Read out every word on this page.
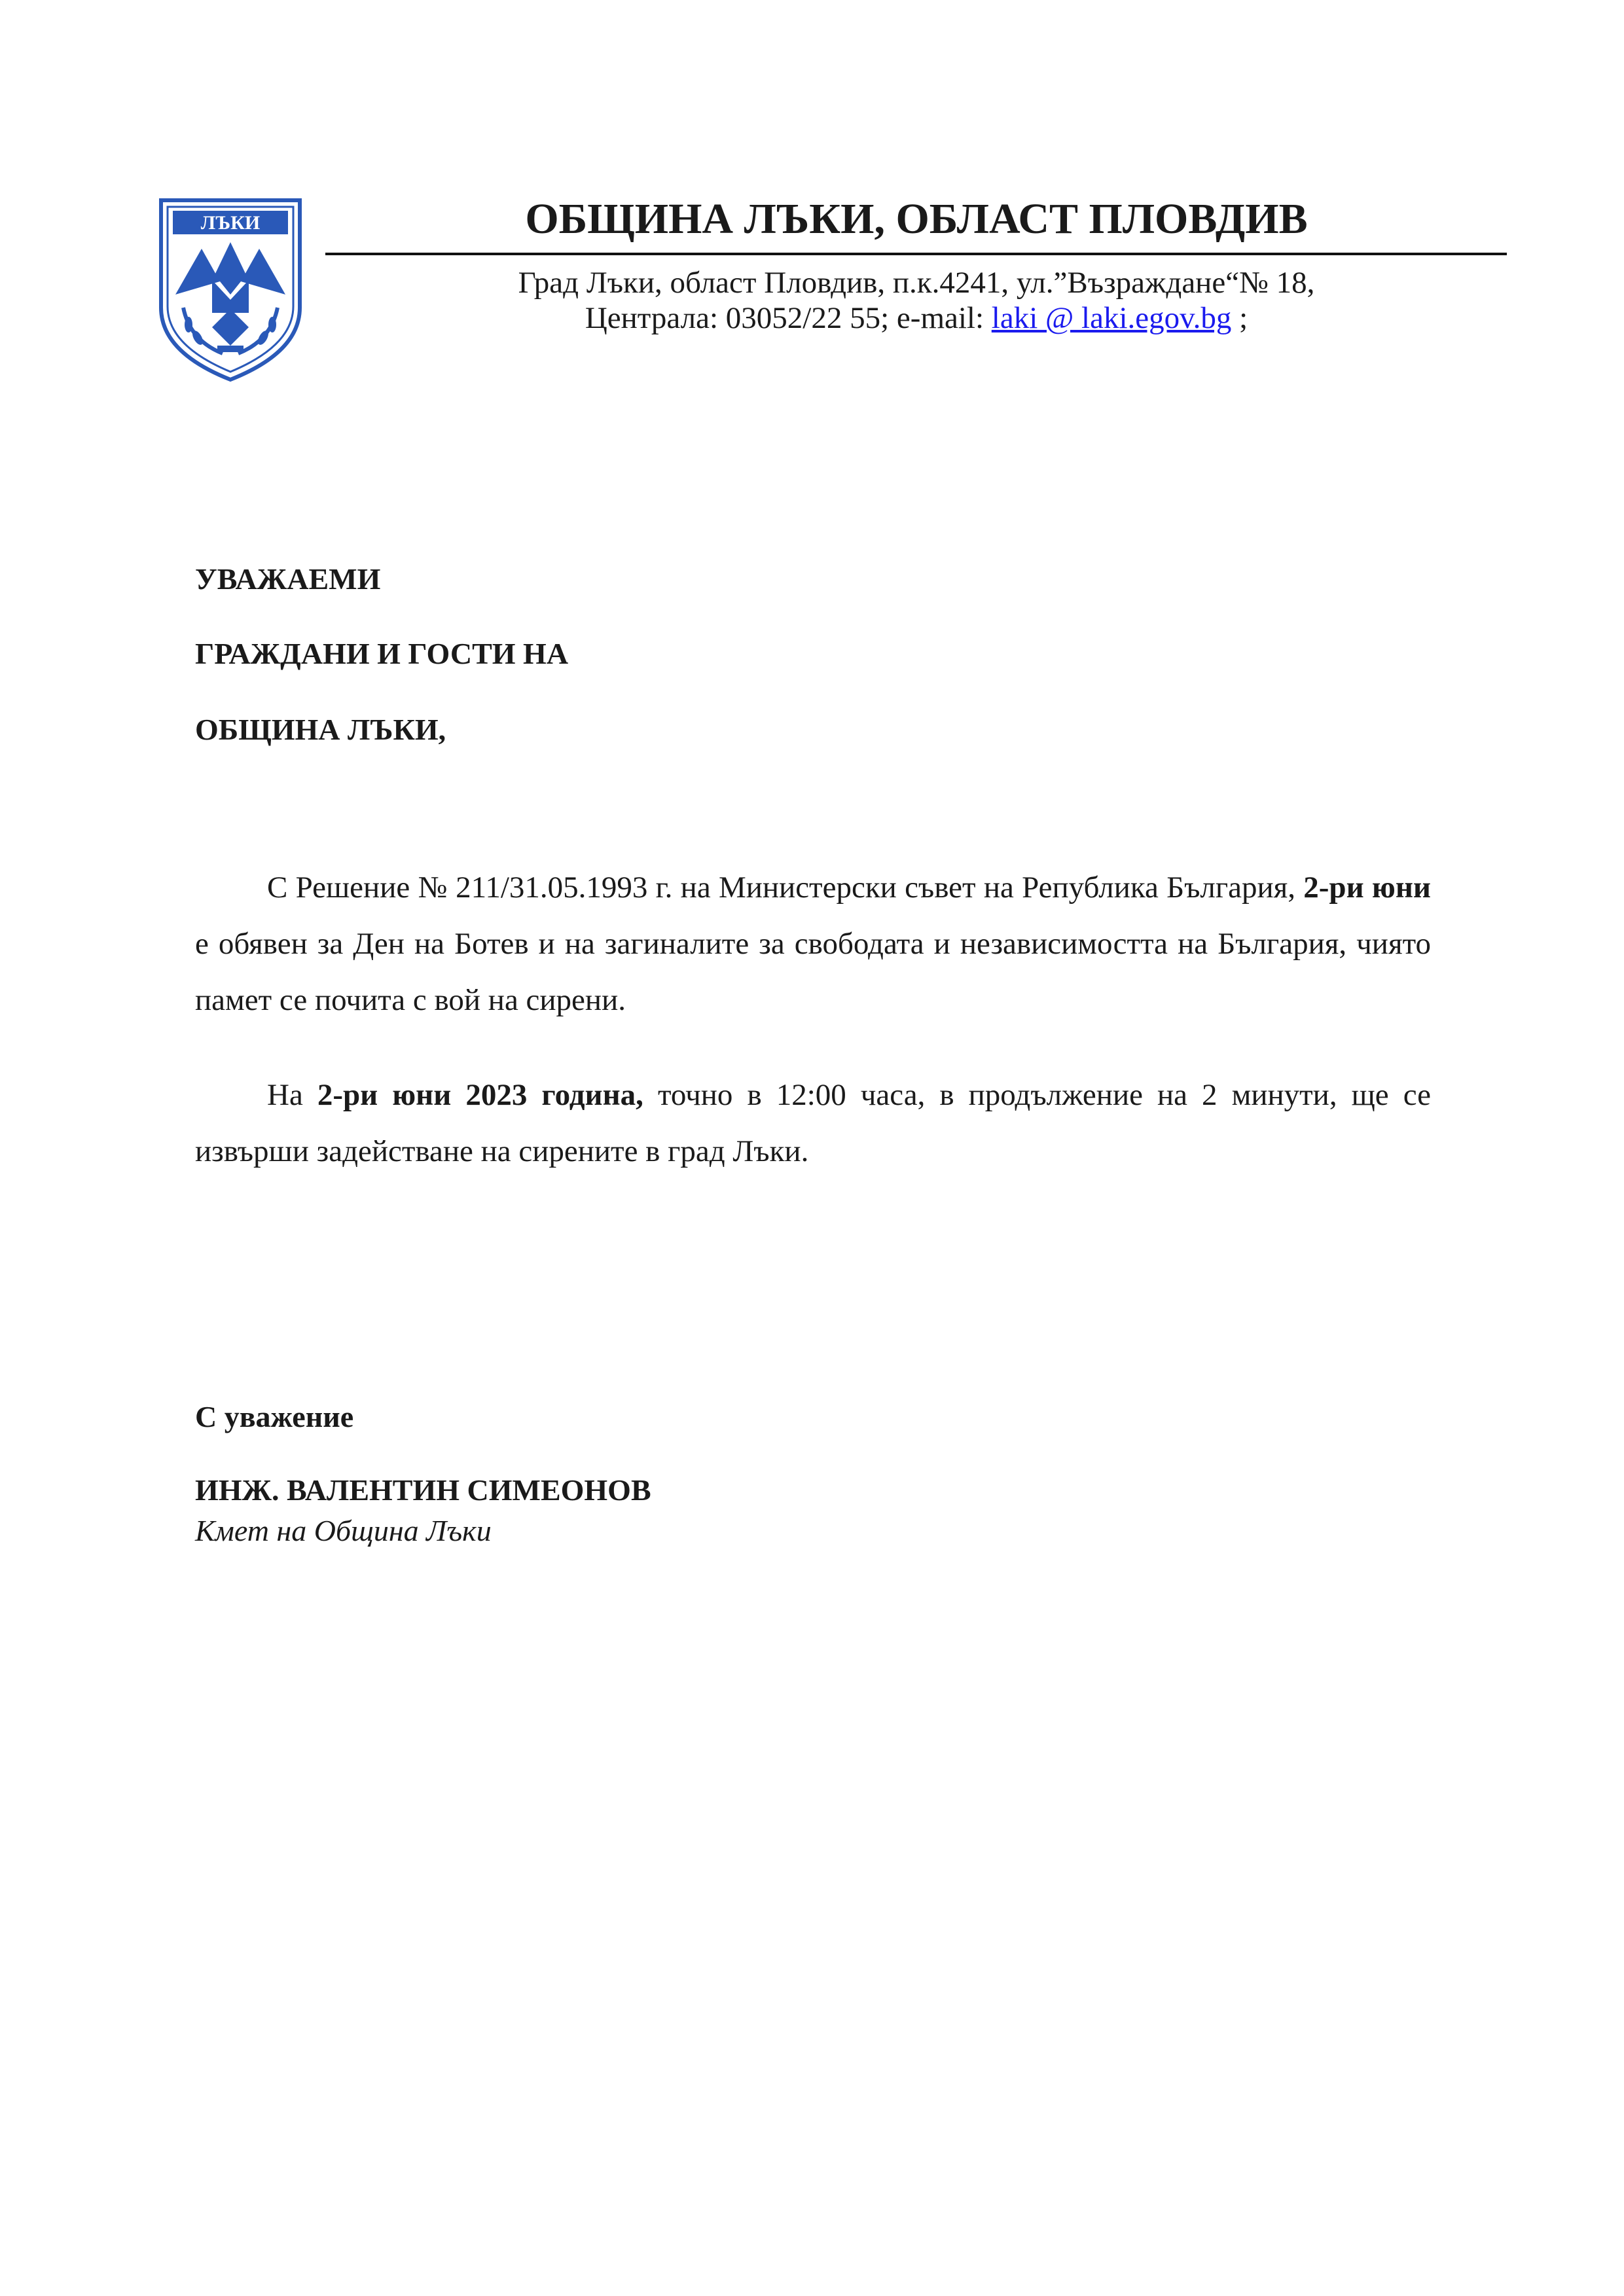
ЛЪКИ	ОБЩИНА ЛЪКИ, ОБЛАСТ ПЛОВДИВ
Град Лъки, област Пловдив, п.к.4241, ул.”Възраждане“№ 18,
Централа: 03052/22 55; e-mail: laki @ laki.egov.bg ;

УВАЖАЕМИ

ГРАЖДАНИ И ГОСТИ НА

ОБЩИНА ЛЪКИ,

С Решение № 211/31.05.1993 г. на Министерски съвет на Република България, 2-ри юни е обявен за Ден на Ботев и на загиналите за свободата и независимостта на България, чиято памет се почита с вой на сирени.

На 2-ри юни 2023 година, точно в 12:00 часа, в продължение на 2 минути, ще се извърши задействане на сирените в град Лъки.

С уважение

ИНЖ. ВАЛЕНТИН СИМЕОНОВ

Кмет на Община Лъки
